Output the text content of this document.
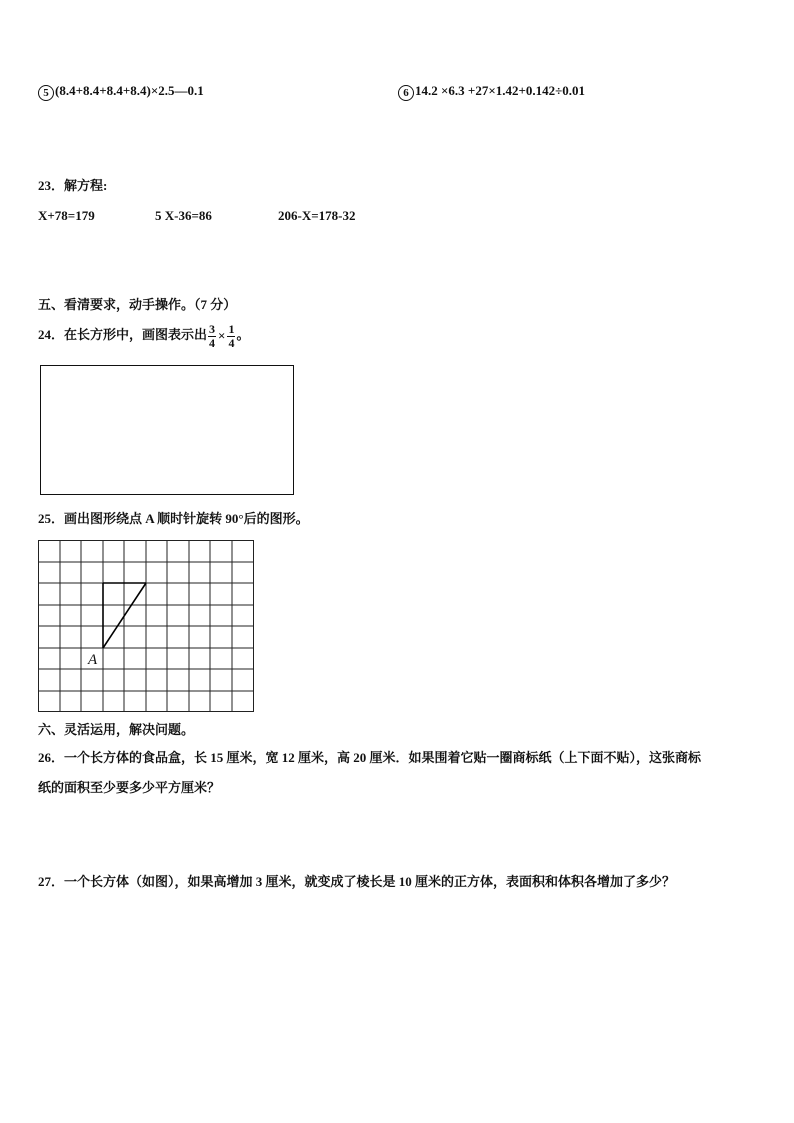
5 (8.4+8.4+8.4+8.4)×2.5—0.1	6 14.2 ×6.3 +27×1.42+0.142÷0.01
23．解方程:
X+78=179	5 X-36=86	206-X=178-32
五、看清要求，动手操作。（7 分）
24．在长方形中，画图表示出 $\frac{3}{4} \times \frac{1}{4}$ 。
25．画出图形绕点 A 顺时针旋转 90°后的图形。
A
六、灵活运用，解决问题。
26．一个长方体的食品盒，长 15 厘米，宽 12 厘米，高 20 厘米．如果围着它贴一圈商标纸（上下面不贴），这张商标
纸的面积至少要多少平方厘米？
27．一个长方体（如图），如果高增加 3 厘米，就变成了棱长是 10 厘米的正方体，表面积和体积各增加了多少？
